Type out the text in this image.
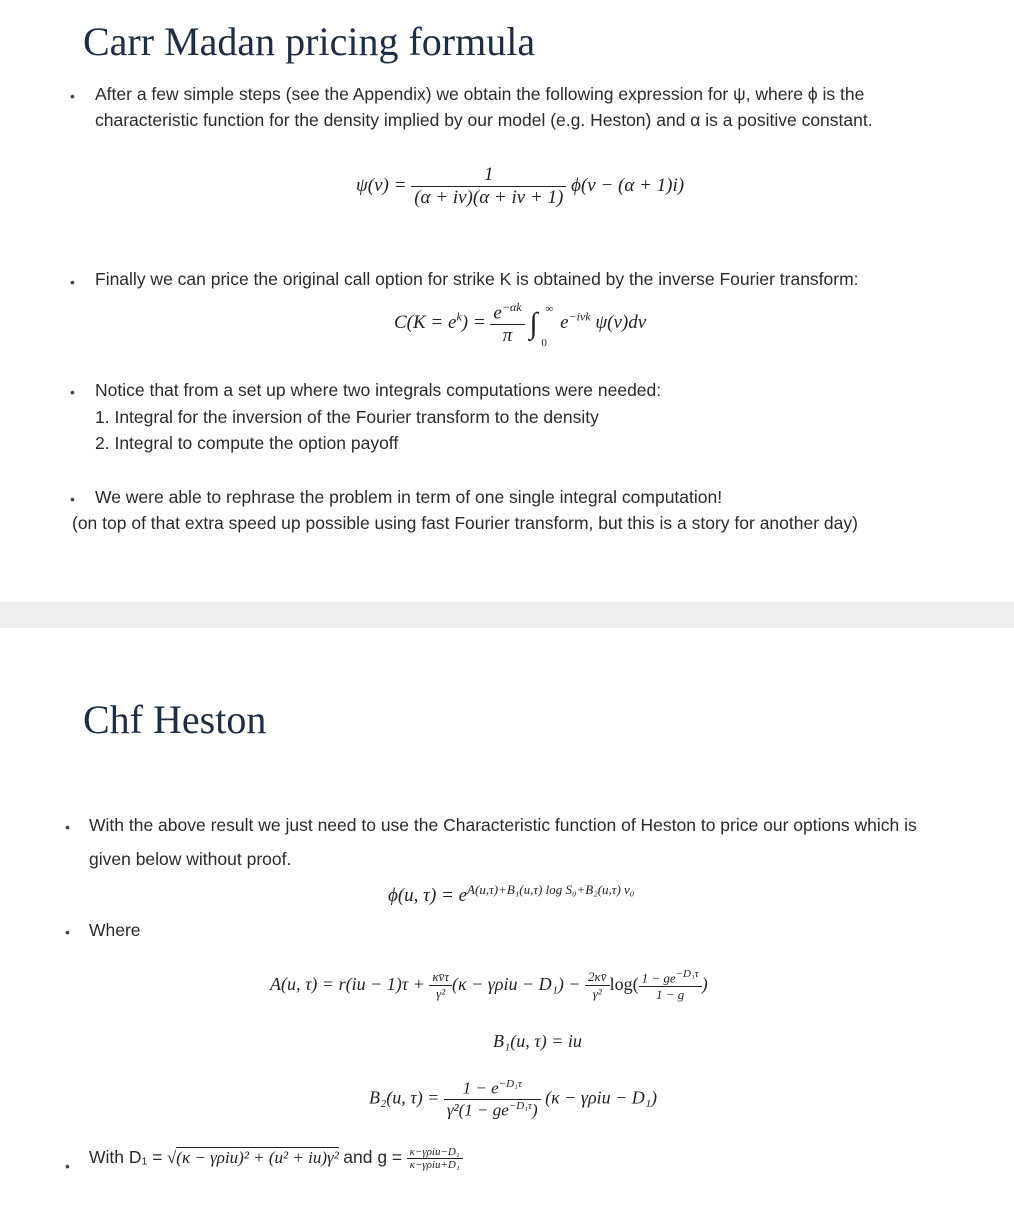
Carr Madan pricing formula
• After a few simple steps (see the Appendix) we obtain the following expression for ψ, where ϕ is the
characteristic function for the density implied by our model (e.g. Heston) and α is a positive constant.
$\psi(v) = \frac{1}{(\alpha + iv)(\alpha + iv + 1)} \phi(v - (\alpha + 1)i)$
• Finally we can price the original call option for strike K is obtained by the inverse Fourier transform:
$C(K = e^k) = \frac{e^{-\alpha k}}{\pi}$ ∫ ∞
0
$e^{-ivk}$ ψ(v)dv
• Notice that from a set up where two integrals computations were needed:
1. Integral for the inversion of the Fourier transform to the density
2. Integral to compute the option payoff
• We were able to rephrase the problem in term of one single integral computation!
(on top of that extra speed up possible using fast Fourier transform, but this is a story for another day)
Chf Heston
• With the above result we just need to use the Characteristic function of Heston to price our options which is
given below without proof.
ϕ(u, $\tau) = e^{A(u,\tau)+B_1(u,\tau) log S_0+B_2(u,\tau) v_0}$
• Where
A(u, $\tau) = r(iu - 1)\tau + \frac{\kappa v̄\tau}{\text{γ²}} (\kappa - \gamma\rho iu - D_1) - \frac{2\kappa v̄}{\text{γ²}} \log( \frac{1 - ge^{-D_1\tau}}{1 - g}$ )
B₁(u, τ) = iu
B₂(u, $\tau) = \frac{1 - e^{-D_1\tau}}{\gamma^2(1 - ge^{-D_1\tau})} (\kappa - \gamma\rho iu - D_1)$
• With D₁ = √(κ − γρiu)² + (u² + iu)γ² and $g = \frac{\text{κ−γρiu−D₁}}{\text{κ−γρiu+D₁}}$
